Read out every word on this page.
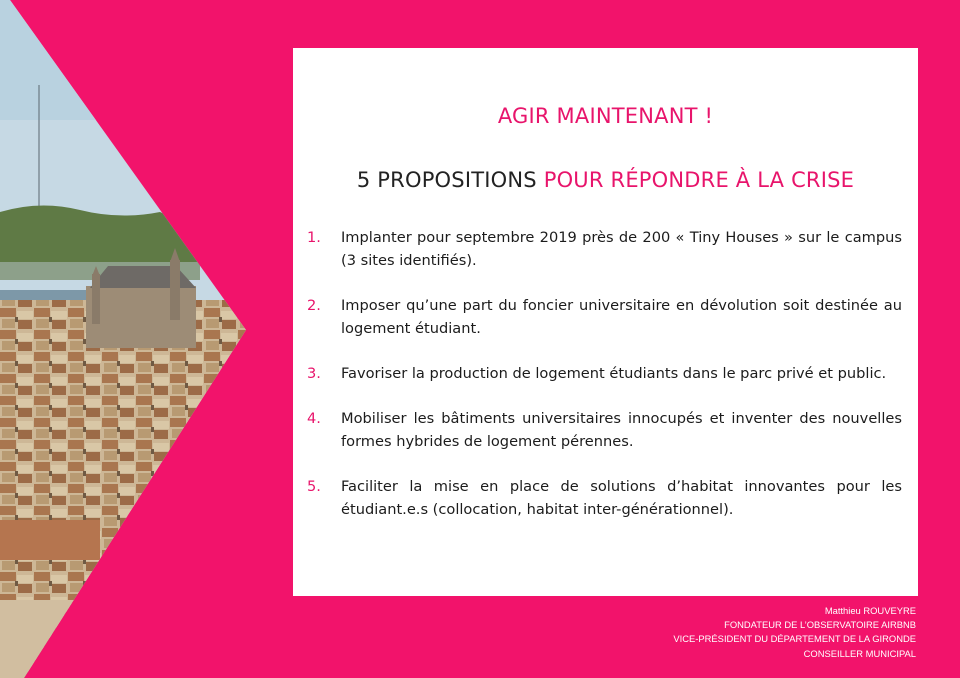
AGIR MAINTENANT !
5 PROPOSITIONS POUR RÉPONDRE À LA CRISE
1.	Implanter pour septembre 2019 près de 200 « Tiny Houses » sur le campus (3 sites identifiés).
2.	Imposer qu’une part du foncier universitaire en dévolution soit destinée au logement étudiant.
3.	Favoriser la production de logement étudiants dans le parc privé et public.
4.	Mobiliser les bâtiments universitaires innocupés et inventer des nouvelles formes hybrides de logement pérennes.
5.	Faciliter la mise en place de solutions d’habitat innovantes pour les étudiant.e.s (collocation, habitat inter-générationnel).
Matthieu ROUVEYRE
FONDATEUR DE L’OBSERVATOIRE AIRBNB
VICE-PRÉSIDENT DU DÉPARTEMENT DE LA GIRONDE
CONSEILLER MUNICIPAL
